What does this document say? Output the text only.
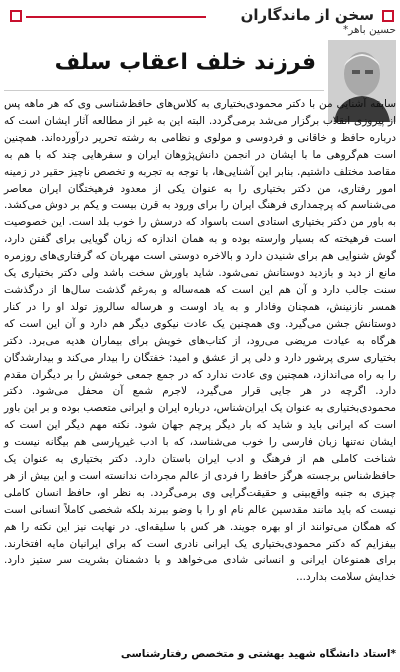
سخن از ماندگاران
حسین باهر*
فرزند خلف اعقاب سلف

سابقه آشنایی من با دکتر محمودی‌بختیاری به کلاس‌های حافظ‌شناسی وی که هر ماهه پس از پیروزی انقلاب برگزار می‌شد برمی‌گردد. البته این به غیر از مطالعه آثار ایشان است که درباره حافظ و خاقانی و فردوسی و مولوی و نظامی به رشته تحریر درآورده‌اند. همچنین است هم‌گروهی ما با ایشان در انجمن دانش‌پژوهان ایران و سفرهایی چند که با هم به مقاصد مختلف داشتیم. بنابر این آشنایی‌ها، با توجه به تجربه و تخصص ناچیز حقیر در زمینه امور رفتاری، من دکتر بختیاری را به عنوان یکی از معدود فرهیختگان ایران معاصر می‌شناسم که پرچمداری فرهنگ ایران را برای ورود به قرن بیست و یکم بر دوش می‌کشد. به باور من دکتر بختیاری استادی است باسواد که درسش را خوب بلد است. این خصوصیت است فرهیخته که بسیار وارسته بوده و به همان اندازه که زبان گویایی برای گفتن دارد، گوش شنوایی هم برای شنیدن دارد و بالاخره دوستی است مهربان که گرفتاری‌های روزمره مانع از دید و بازدید دوستانش نمی‌شود. شاید باورش سخت باشد ولی دکتر بختیاری یک سنت جالب دارد و آن هم این است که همه‌ساله و به‌رغم گذشت سال‌ها از درگذشت همسر نازنینش، همچنان وفادار و به یاد اوست و هرساله سالروز تولد او را در کنار دوستانش جشن می‌گیرد. وی همچنین یک عادت نیکوی دیگر هم دارد و آن این است که هرگاه به عیادت مریضی می‌رود، از کتاب‌های خویش برای بیماران هدیه می‌برد. دکتر بختیاری سری پرشور دارد و دلی پر از عشق و امید: خفتگان را بیدار می‌کند و بیدارشدگان را به راه می‌اندازد، همچنین وی عادت ندارد که در جمع جمعی خوشش را بر دیگران مقدم دارد. اگرچه در هر جایی قرار می‌گیرد، لاجرم شمع آن محفل می‌شود. دکتر محمودی‌بختیاری به عنوان یک ایران‌شناس، درباره ایران و ایرانی متعصب بوده و بر این باور است که ایرانی باید و شاید که بار دیگر پرچم جهان شود. نکته مهم دیگر این است که ایشان نه‌تنها زبان فارسی را خوب می‌شناسد، که با ادب غیرپارسی هم بیگانه نیست و شناخت کاملی هم از فرهنگ و ادب ایران باستان دارد. دکتر بختیاری به عنوان یک حافظ‌شناس برجسته هرگز حافظ را فردی از عالم مجردات ندانسته است و این بیش از هر چیزی به جنبه واقع‌بینی و حقیقت‌گرایی وی برمی‌گردد. به نظر او، حافظ انسان کاملی نیست که باید مانند مقدسین عالم نام او را با وضو ببرند بلکه شخصی کاملاً انسانی است که همگان می‌توانند از او بهره جویند. هر کس با سلیقه‌ای. در نهایت نیز این نکته را هم بیفزایم که دکتر محمودی‌بختیاری یک ایرانی نادری است که برای ایرانیان مایه افتخارند. برای همنوعان ایرانی و انسانی شادی می‌خواهد و با دشمنان بشریت سر ستیز دارد. خدایش سلامت بدارد...

*استاد دانشگاه شهید بهشتی و متخصص رفتارشناسی
